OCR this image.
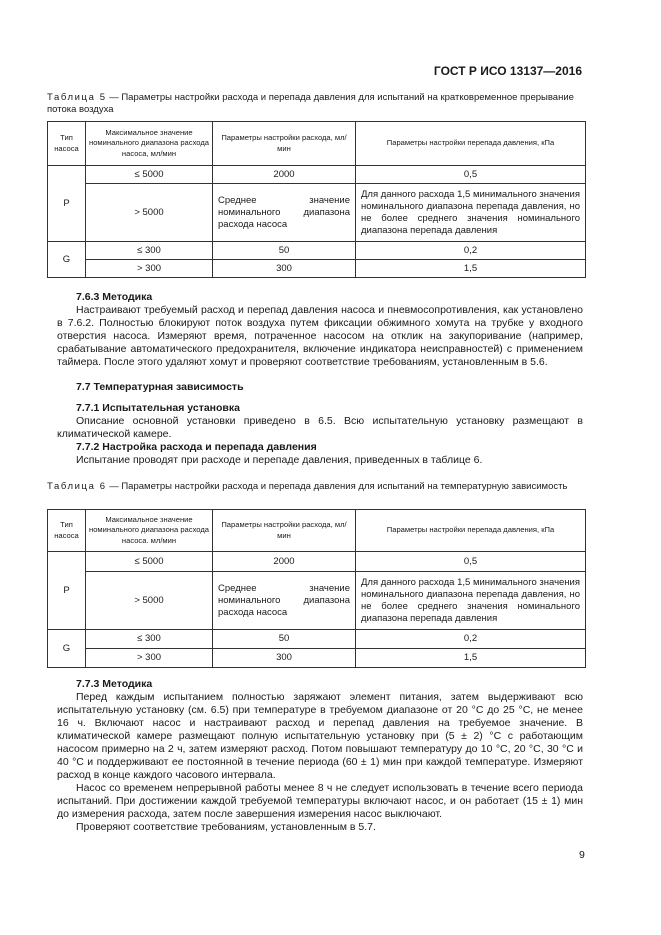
ГОСТ Р ИСО 13137—2016
Таблица 5 — Параметры настройки расхода и перепада давления для испытаний на кратковременное прерывание потока воздуха
Тип насоса	Максимальное значение номинального диапазона расхода насоса, мл/мин	Параметры настройки расхода, мл/мин	Параметры настройки перепада давления, кПа
P	≤ 5000	2000	0,5
	> 5000	Среднее значение номинального диапазона расхода насоса	Для данного расхода 1,5 минимального значения номинального диапазона перепада давления, но не более среднего значения номинального диапазона перепада давления
G	≤ 300	50	0,2
	> 300	300	1,5
7.6.3 Методика

Настраивают требуемый расход и перепад давления насоса и пневмосопротивления, как установлено в 7.6.2. Полностью блокируют поток воздуха путем фиксации обжимного хомута на трубке у входного отверстия насоса. Измеряют время, потраченное насосом на отклик на закупоривание (например, срабатывание автоматического предохранителя, включение индикатора неисправностей) с применением таймера. После этого удаляют хомут и проверяют соответствие требованиям, установленным в 5.6.

7.7 Температурная зависимость
7.7.1 Испытательная установка

Описание основной установки приведено в 6.5. Всю испытательную установку размещают в климатической камере.

7.7.2 Настройка расхода и перепада давления

Испытание проводят при расходе и перепаде давления, приведенных в таблице 6.

Таблица 6 — Параметры настройки расхода и перепада давления для испытаний на температурную зависимость
Тип насоса	Максимальное значение номинального диапазона расхода насоса. мл/мин	Параметры настройки расхода, мл/мин	Параметры настройки перепада давления, кПа
P	≤ 5000	2000	0,5
	> 5000	Среднее значение номинального диапазона расхода насоса	Для данного расхода 1,5 минимального значения номинального диапазона перепада давления, но не более среднего значения номинального диапазона перепада давления
G	≤ 300	50	0,2
	> 300	300	1,5
7.7.3 Методика

Перед каждым испытанием полностью заряжают элемент питания, затем выдерживают всю испытательную установку (см. 6.5) при температуре в требуемом диапазоне от 20 °С до 25 °С, не менее 16 ч. Включают насос и настраивают расход и перепад давления на требуемое значение. В климатической камере размещают полную испытательную установку при (5 ± 2) °С с работающим насосом примерно на 2 ч, затем измеряют расход. Потом повышают температуру до 10 °С, 20 °С, 30 °С и 40 °С и поддерживают ее постоянной в течение периода (60 ± 1) мин при каждой температуре. Измеряют расход в конце каждого часового интервала.

Насос со временем непрерывной работы менее 8 ч не следует использовать в течение всего периода испытаний. При достижении каждой требуемой температуры включают насос, и он работает (15 ± 1) мин до измерения расхода, затем после завершения измерения насос выключают.

Проверяют соответствие требованиям, установленным в 5.7.

9
